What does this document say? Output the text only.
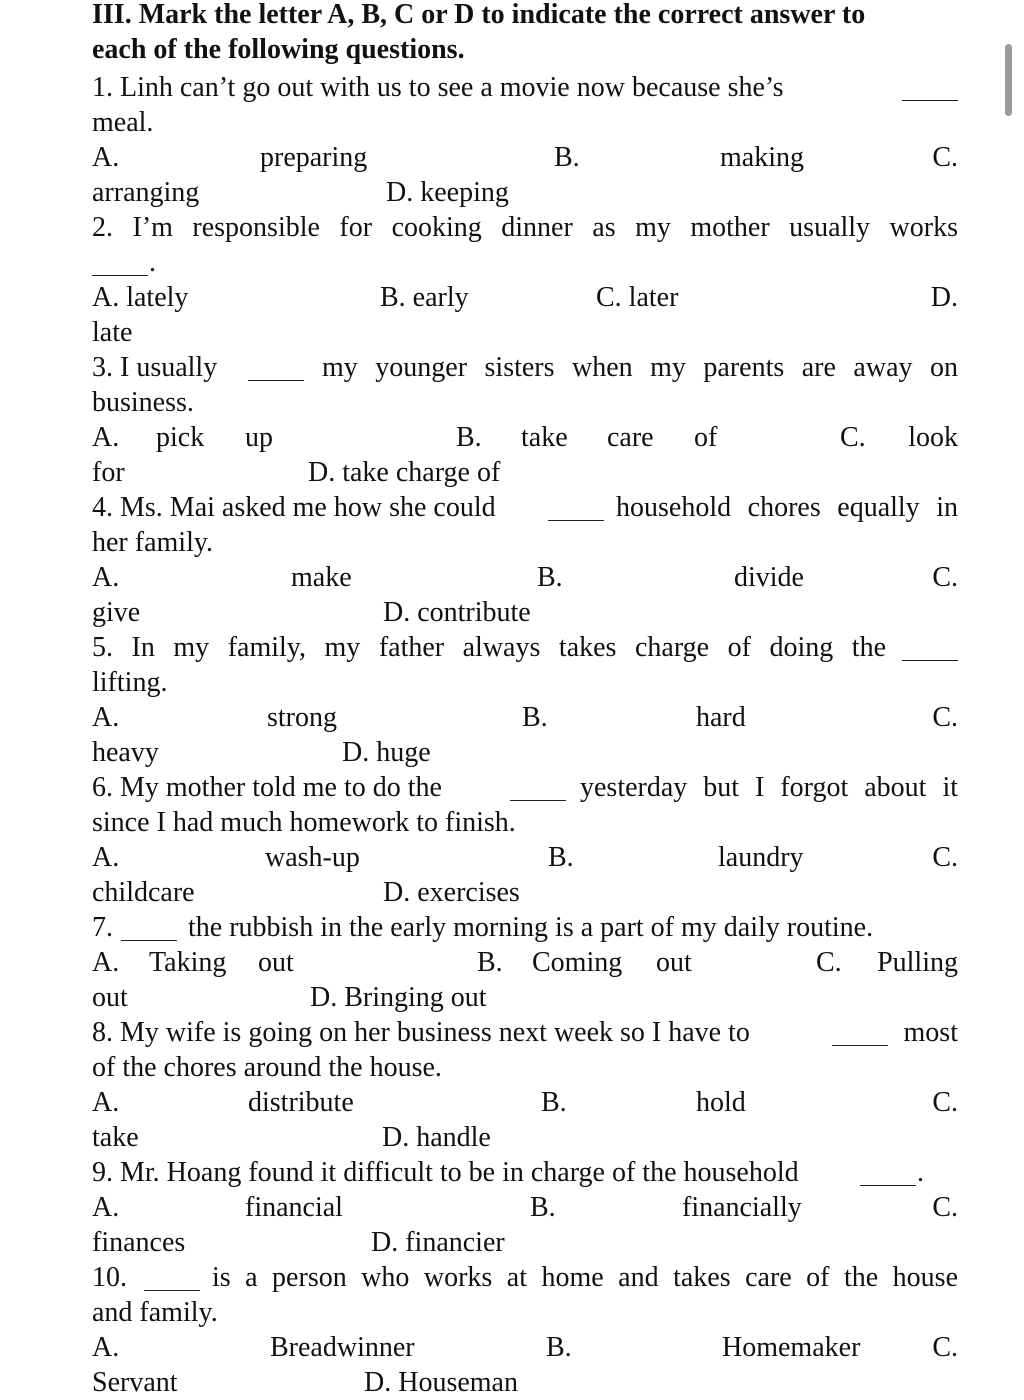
III. Mark the letter A, B, C or D to indicate the correct answer to
each of the following questions.
1. Linh can’t go out with us to see a movie now because she’s
meal.
A.	preparing	B.	making	C.
arranging	D. keeping
2. I’m responsible for cooking dinner as my mother usually works
.
A. lately	B. early	C. later	D.
late
3. I usually	my younger sisters when my parents are away on
business.
A. pick up	B. take care of	C. look
for	D. take charge of
4. Ms. Mai asked me how she could	household chores equally in
her family.
A.	make	B.	divide	C.
give	D. contribute
5. In my family, my father always takes charge of doing the
lifting.
A.	strong	B.	hard	C.
heavy	D. huge
6. My mother told me to do the	yesterday but I forgot about it
since I had much homework to finish.
A.	wash-up	B.	laundry	C.
childcare	D. exercises
7.	the rubbish in the early morning is a part of my daily routine.
A. Taking out	B. Coming out	C. Pulling
out	D. Bringing out
8. My wife is going on her business next week so I have to	most
of the chores around the house.
A.	distribute	B.	hold	C.
take	D. handle
9. Mr. Hoang found it difficult to be in charge of the household	.
A.	financial	B.	financially	C.
finances	D. financier
10.	is a person who works at home and takes care of the house
and family.
A.	Breadwinner	B.	Homemaker	C.
Servant	D. Houseman
